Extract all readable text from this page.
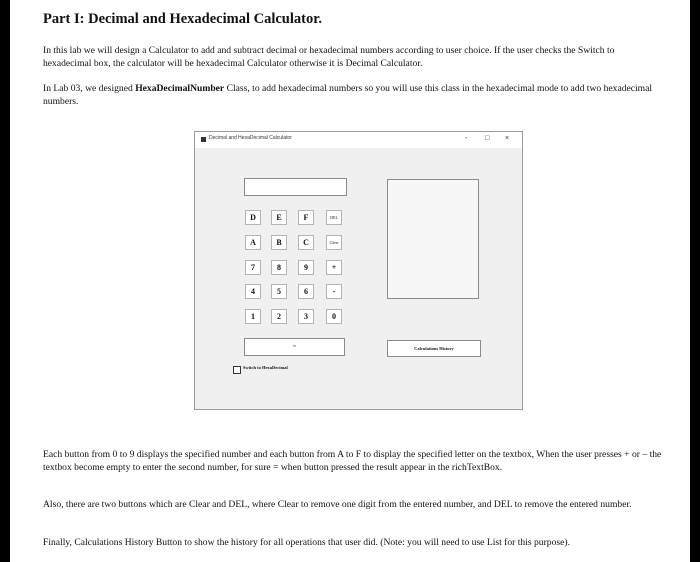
Part I: Decimal and Hexadecimal Calculator.

In this lab we will design a Calculator to add and subtract decimal or hexadecimal numbers according to user choice. If the user checks the Switch to hexadecimal box, the calculator will be hexadecimal Calculator otherwise it is Decimal Calculator.

In Lab 03, we designed HexaDecimalNumber Class, to add hexadecimal numbers so you will use this class in the hexadecimal mode to add two hexadecimal numbers.

Decimal and HexaDecimal Calculator	-	□ ×
D	E	F	DEL
A	B	C	Clear
7	8	9	+
4	5	6	-
1	2	3	0
=	Calculations History
Switch to HexaDecimal

Each button from 0 to 9 displays the specified number and each button from A to F to display the specified letter on the textbox, When the user presses + or – the textbox become empty to enter the second number, for sure = when button pressed the result appear in the richTextBox.

Also, there are two buttons which are Clear and DEL, where Clear to remove one digit from the entered number, and DEL to remove the entered number.

Finally, Calculations History Button to show the history for all operations that user did. (Note: you will need to use List for this purpose).
